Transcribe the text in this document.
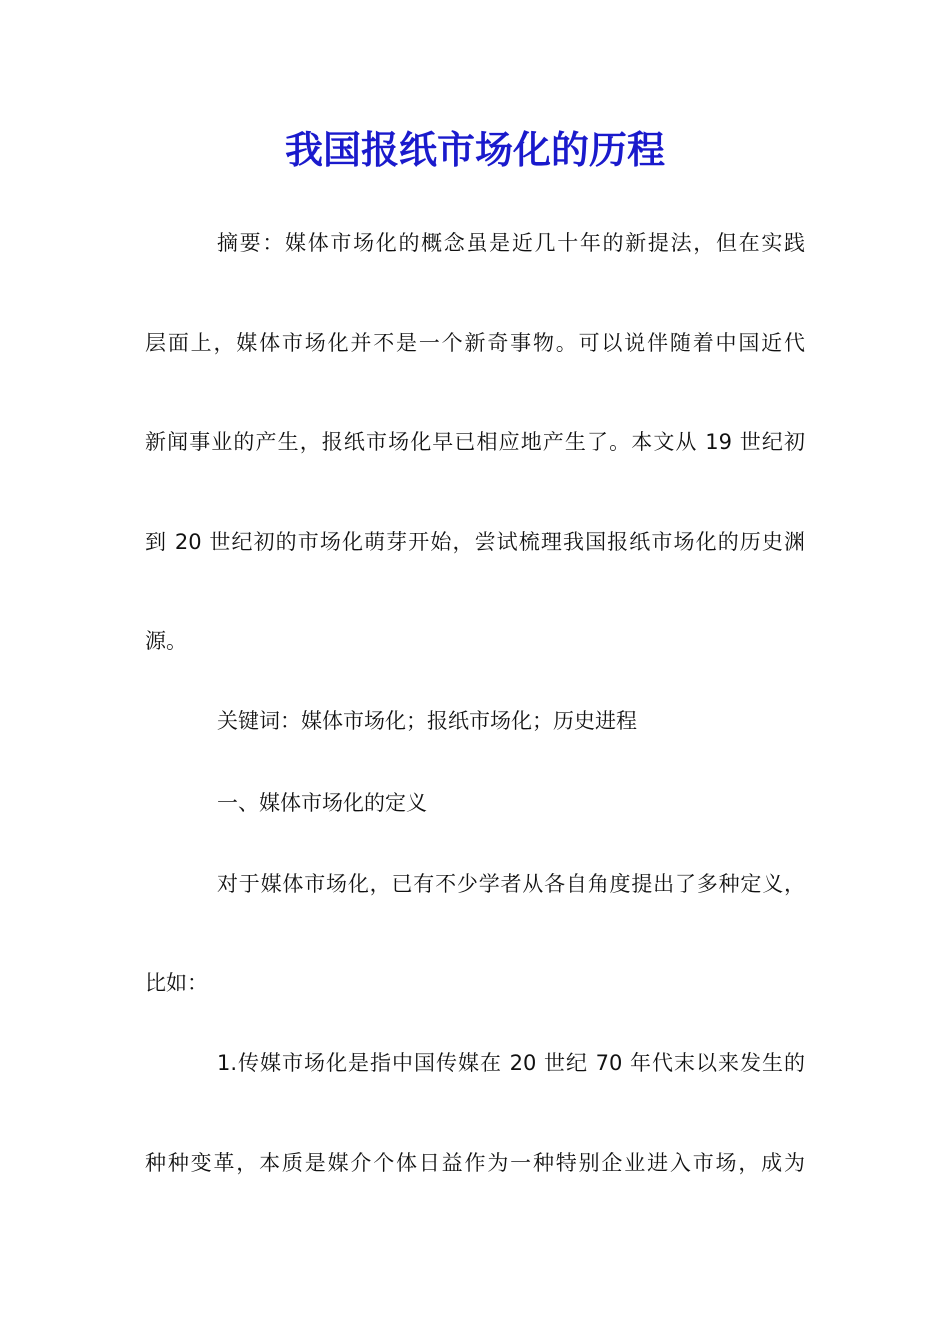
我国报纸市场化的历程

摘要：媒体市场化的概念虽是近几十年的新提法，但在实践

层面上，媒体市场化并不是一个新奇事物。可以说伴随着中国近代

新闻事业的产生，报纸市场化早已相应地产生了。本文从 19 世纪初

到 20 世纪初的市场化萌芽开始，尝试梳理我国报纸市场化的历史渊

源。

关键词：媒体市场化；报纸市场化；历史进程

一、媒体市场化的定义

对于媒体市场化，已有不少学者从各自角度提出了多种定义，

比如：

1.传媒市场化是指中国传媒在 20 世纪 70 年代末以来发生的

种种变革，本质是媒介个体日益作为一种特别企业进入市场，成为
